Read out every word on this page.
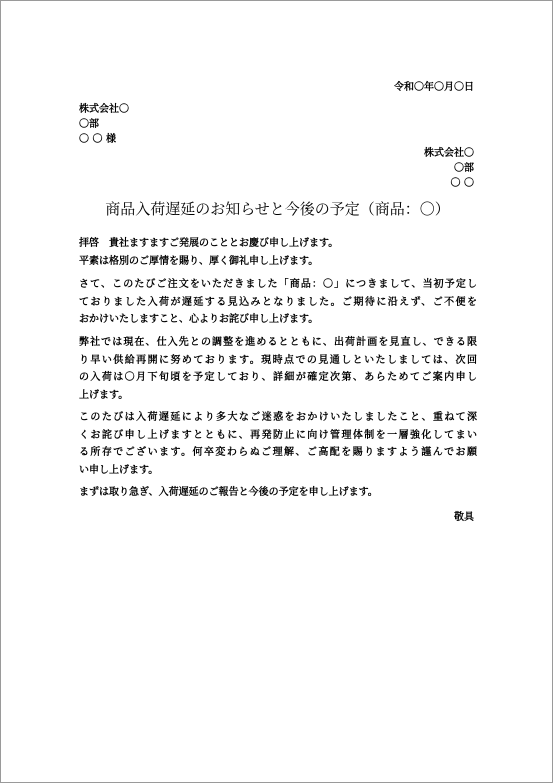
令和〇年〇月〇日
株式会社〇
〇部
〇 〇 様
株式会社〇
〇部
〇 〇
商品入荷遅延のお知らせと今後の予定（商品：〇）
拝啓　貴社ますますご発展のこととお慶び申し上げます。
平素は格別のご厚情を賜り、厚く御礼申し上げます。
さて、このたびご注文をいただきました「商品：〇」につきまして、当初予定し
ておりました入荷が遅延する見込みとなりました。ご期待に沿えず、ご不便を
おかけいたしますこと、心よりお詫び申し上げます。
弊社では現在、仕入先との調整を進めるとともに、出荷計画を見直し、できる限
り早い供給再開に努めております。現時点での見通しといたしましては、次回
の入荷は〇月下旬頃を予定しており、詳細が確定次第、あらためてご案内申し
上げます。
このたびは入荷遅延により多大なご迷惑をおかけいたしましたこと、重ねて深
くお詫び申し上げますとともに、再発防止に向け管理体制を一層強化してまい
る所存でございます。何卒変わらぬご理解、ご高配を賜りますよう謹んでお願
い申し上げます。
まずは取り急ぎ、入荷遅延のご報告と今後の予定を申し上げます。
敬具
